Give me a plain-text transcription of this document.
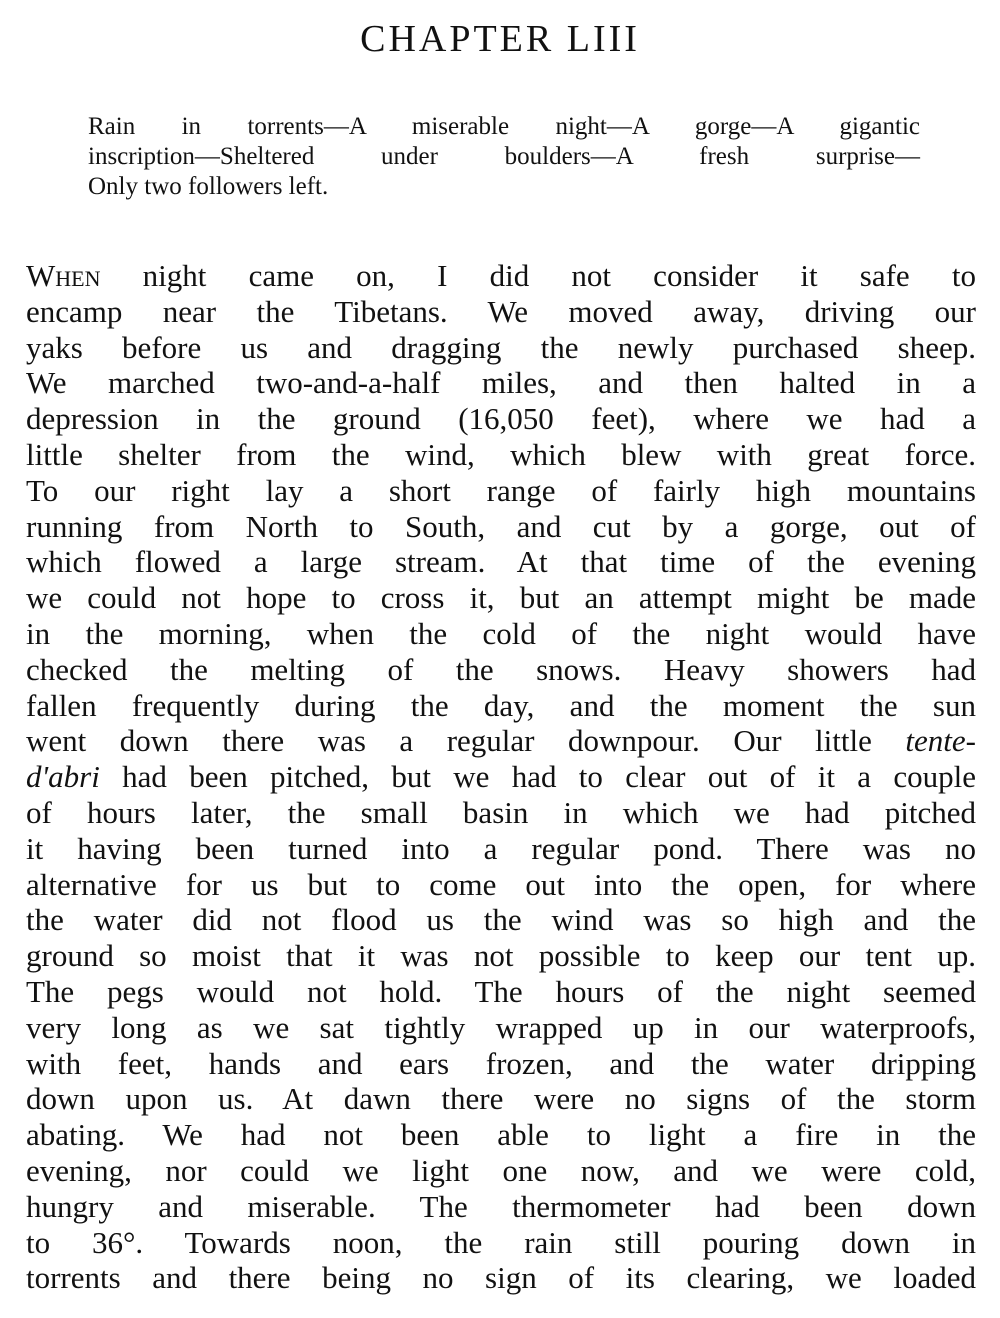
CHAPTER LIII
Rain in torrents—A miserable night—A gorge—A gigantic
inscription—Sheltered under boulders—A fresh surprise—
Only two followers left.
When night came on, I did not consider it safe to
encamp near the Tibetans. We moved away, driving our
yaks before us and dragging the newly purchased sheep.
We marched two-and-a-half miles, and then halted in a
depression in the ground (16,050 feet), where we had a
little shelter from the wind, which blew with great force.
To our right lay a short range of fairly high mountains
running from North to South, and cut by a gorge, out of
which flowed a large stream. At that time of the evening
we could not hope to cross it, but an attempt might be made
in the morning, when the cold of the night would have
checked the melting of the snows. Heavy showers had
fallen frequently during the day, and the moment the sun
went down there was a regular downpour. Our little tente-
d'abri had been pitched, but we had to clear out of it a couple
of hours later, the small basin in which we had pitched
it having been turned into a regular pond. There was no
alternative for us but to come out into the open, for where
the water did not flood us the wind was so high and the
ground so moist that it was not possible to keep our tent up.
The pegs would not hold. The hours of the night seemed
very long as we sat tightly wrapped up in our waterproofs,
with feet, hands and ears frozen, and the water dripping
down upon us. At dawn there were no signs of the storm
abating. We had not been able to light a fire in the
evening, nor could we light one now, and we were cold,
hungry and miserable. The thermometer had been down
to 36°. Towards noon, the rain still pouring down in
torrents and there being no sign of its clearing, we loaded
